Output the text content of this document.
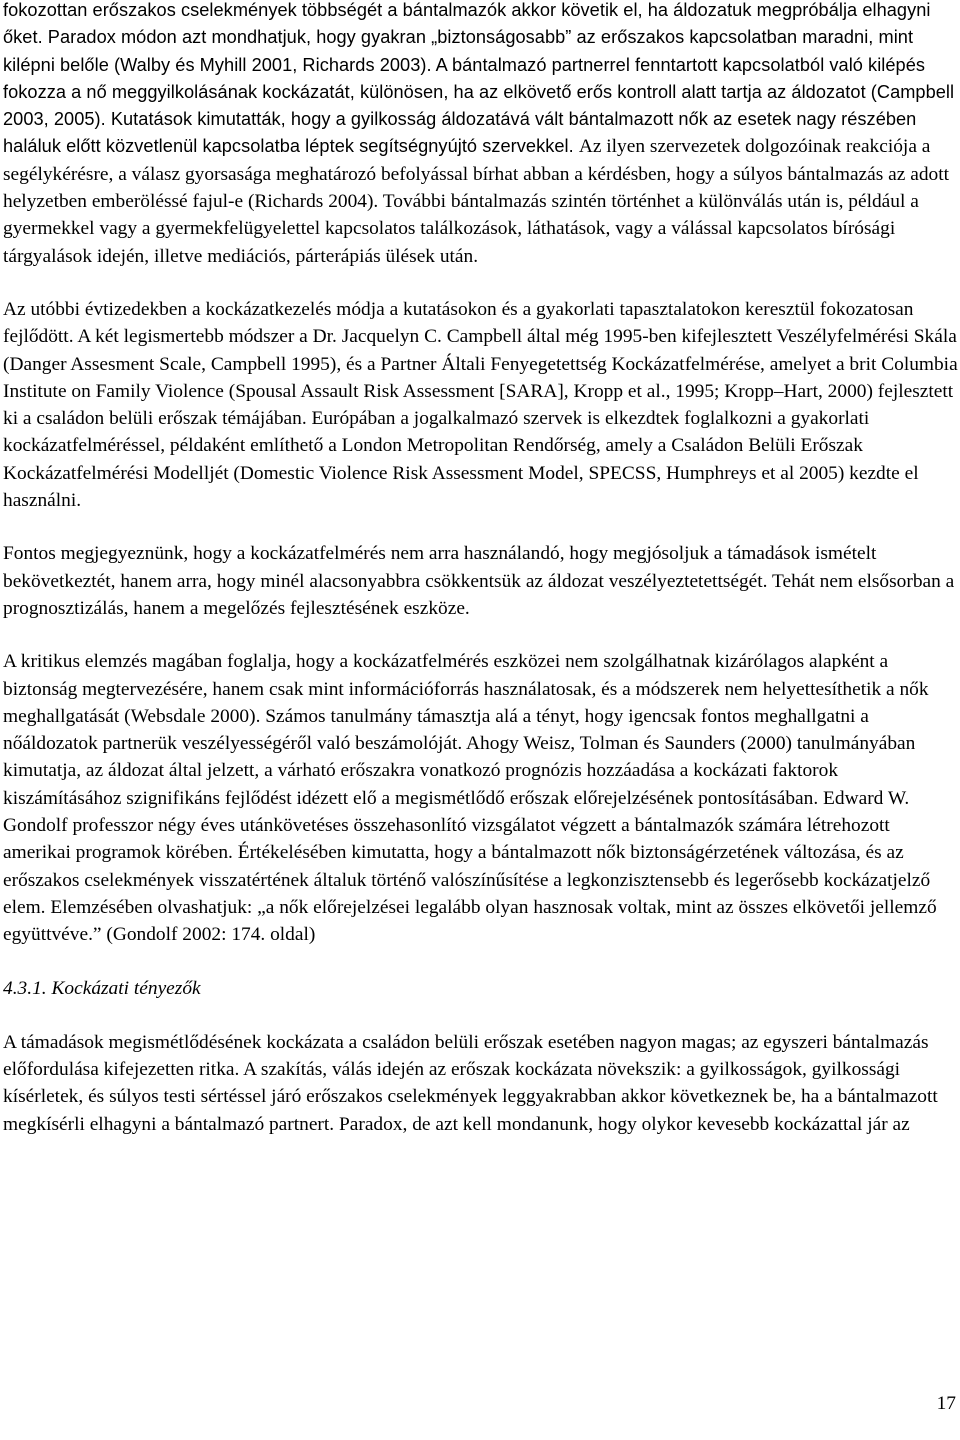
fokozottan erőszakos cselekmények többségét a bántalmazók akkor követik el, ha áldozatuk megpróbálja elhagyni őket. Paradox módon azt mondhatjuk, hogy gyakran „biztonságosabb” az erőszakos kapcsolatban maradni, mint kilépni belőle (Walby és Myhill 2001, Richards 2003). A bántalmazó partnerrel fenntartott kapcsolatból való kilépés fokozza a nő meggyilkolásának kockázatát, különösen, ha az elkövető erős kontroll alatt tartja az áldozatot (Campbell 2003, 2005). Kutatások kimutatták, hogy a gyilkosság áldozatává vált bántalmazott nők az esetek nagy részében haláluk előtt közvetlenül kapcsolatba léptek segítségnyújtó szervekkel. Az ilyen szervezetek dolgozóinak reakciója a segélykérésre, a válasz gyorsasága meghatározó befolyással bírhat abban a kérdésben, hogy a súlyos bántalmazás az adott helyzetben emberöléssé fajul-e (Richards 2004). További bántalmazás szintén történhet a különválás után is, például a gyermekkel vagy a gyermekfelügyelettel kapcsolatos találkozások, láthatások, vagy a válással kapcsolatos bírósági tárgyalások idején, illetve mediációs, párterápiás ülések után.

Az utóbbi évtizedekben a kockázatkezelés módja a kutatásokon és a gyakorlati tapasztalatokon keresztül fokozatosan fejlődött. A két legismertebb módszer a Dr. Jacquelyn C. Campbell által még 1995-ben kifejlesztett Veszélyfelmérési Skála (Danger Assesment Scale, Campbell 1995), és a Partner Általi Fenyegetettség Kockázatfelmérése, amelyet a brit Columbia Institute on Family Violence (Spousal Assault Risk Assessment [SARA], Kropp et al., 1995; Kropp–Hart, 2000) fejlesztett ki a családon belüli erőszak témájában. Európában a jogalkalmazó szervek is elkezdtek foglalkozni a gyakorlati kockázatfelméréssel, példaként említhető a London Metropolitan Rendőrség, amely a Családon Belüli Erőszak Kockázatfelmérési Modelljét (Domestic Violence Risk Assessment Model, SPECSS, Humphreys et al 2005) kezdte el használni.

Fontos megjegyeznünk, hogy a kockázatfelmérés nem arra használandó, hogy megjósoljuk a támadások ismételt bekövetkeztét, hanem arra, hogy minél alacsonyabbra csökkentsük az áldozat veszélyeztetettségét. Tehát nem elsősorban a prognosztizálás, hanem a megelőzés fejlesztésének eszköze.

A kritikus elemzés magában foglalja, hogy a kockázatfelmérés eszközei nem szolgálhatnak kizárólagos alapként a biztonság megtervezésére, hanem csak mint információforrás használatosak, és a módszerek nem helyettesíthetik a nők meghallgatását (Websdale 2000). Számos tanulmány támasztja alá a tényt, hogy igencsak fontos meghallgatni a nőáldozatok partnerük veszélyességéről való beszámolóját. Ahogy Weisz, Tolman és Saunders (2000) tanulmányában kimutatja, az áldozat által jelzett, a várható erőszakra vonatkozó prognózis hozzáadása a kockázati faktorok kiszámításához szignifikáns fejlődést idézett elő a megismétlődő erőszak előrejelzésének pontosításában. Edward W. Gondolf professzor négy éves utánkövetéses összehasonlító vizsgálatot végzett a bántalmazók számára létrehozott amerikai programok körében. Értékelésében kimutatta, hogy a bántalmazott nők biztonságérzetének változása, és az erőszakos cselekmények visszatértének általuk történő valószínűsítése a legkonzisztensebb és legerősebb kockázatjelző elem. Elemzésében olvashatjuk: „a nők előrejelzései legalább olyan hasznosak voltak, mint az összes elkövetői jellemző együttvéve.” (Gondolf 2002: 174. oldal)

4.3.1. Kockázati tényezők

A támadások megismétlődésének kockázata a családon belüli erőszak esetében nagyon magas; az egyszeri bántalmazás előfordulása kifejezetten ritka. A szakítás, válás idején az erőszak kockázata növekszik: a gyilkosságok, gyilkossági kísérletek, és súlyos testi sértéssel járó erőszakos cselekmények leggyakrabban akkor következnek be, ha a bántalmazott megkísérli elhagyni a bántalmazó partnert. Paradox, de azt kell mondanunk, hogy olykor kevesebb kockázattal jár az

17
